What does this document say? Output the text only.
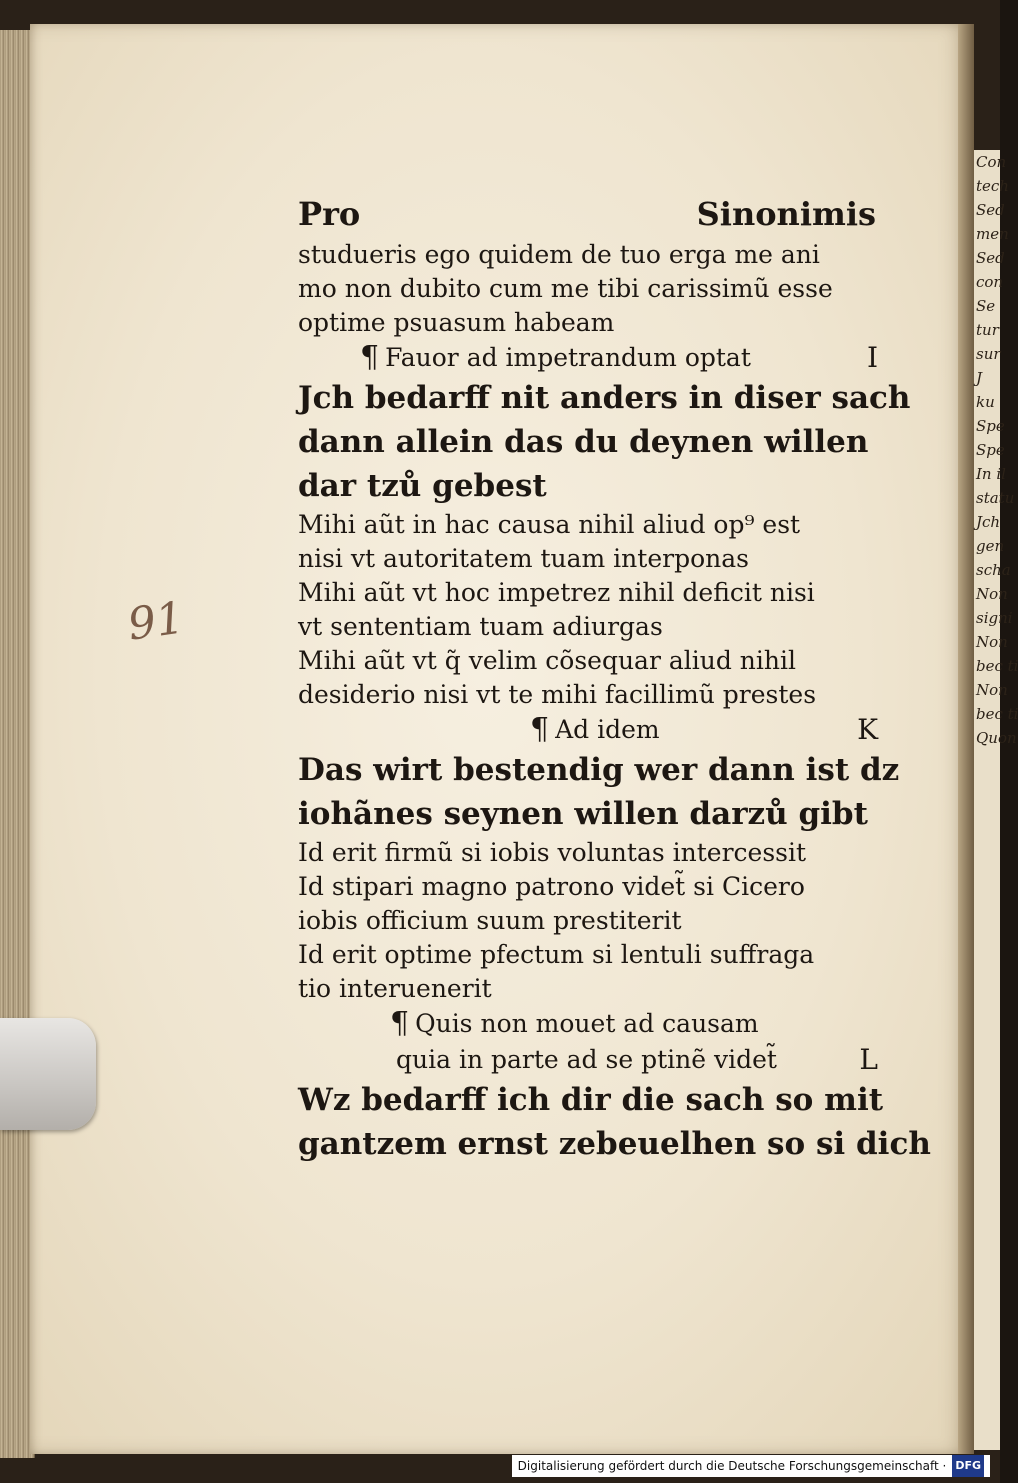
Con
tech
Sed
men
Sed
con
Se
tur
sur
J
ku
Spe
Spe
In il
statu
Jch
gen
scha
Non
signi
Non
bec ti
Non
bec ti
Quon
91
Pro	Sinonimis
studueris ego quidem de tuo erga me ani
mo non dubito cum me tibi carissimũ esse
optime psuasum habeam
¶ Fauor ad impetrandum optat	I
Jch bedarff nit anders in diser sach
dann allein das du deynen willen
dar tzů gebest
Mihi aũt in hac causa nihil aliud op⁹ est
nisi vt autoritatem tuam interponas
Mihi aũt vt hoc impetrez nihil deficit nisi
vt sententiam tuam adiurgas
Mihi aũt vt q̃ velim cõsequar aliud nihil
desiderio nisi vt te mihi facillimũ prestes
¶ Ad idem	K
Das wirt bestendig wer dann ist dz
iohãnes seynen willen darzů gibt
Id erit firmũ si iobis voluntas intercessit
Id stipari magno patrono videt̃ si Cicero
iobis officium suum prestiterit
Id erit optime pfectum si lentuli suffraga
tio interuenerit
¶ Quis non mouet ad causam
quia in parte ad se ptinẽ videt̃	L
Wz bedarff ich dir die sach so mit
gantzem ernst zebeuelhen so si dich
Digitalisierung gefördert durch die Deutsche Forschungsgemeinschaft · DFG
